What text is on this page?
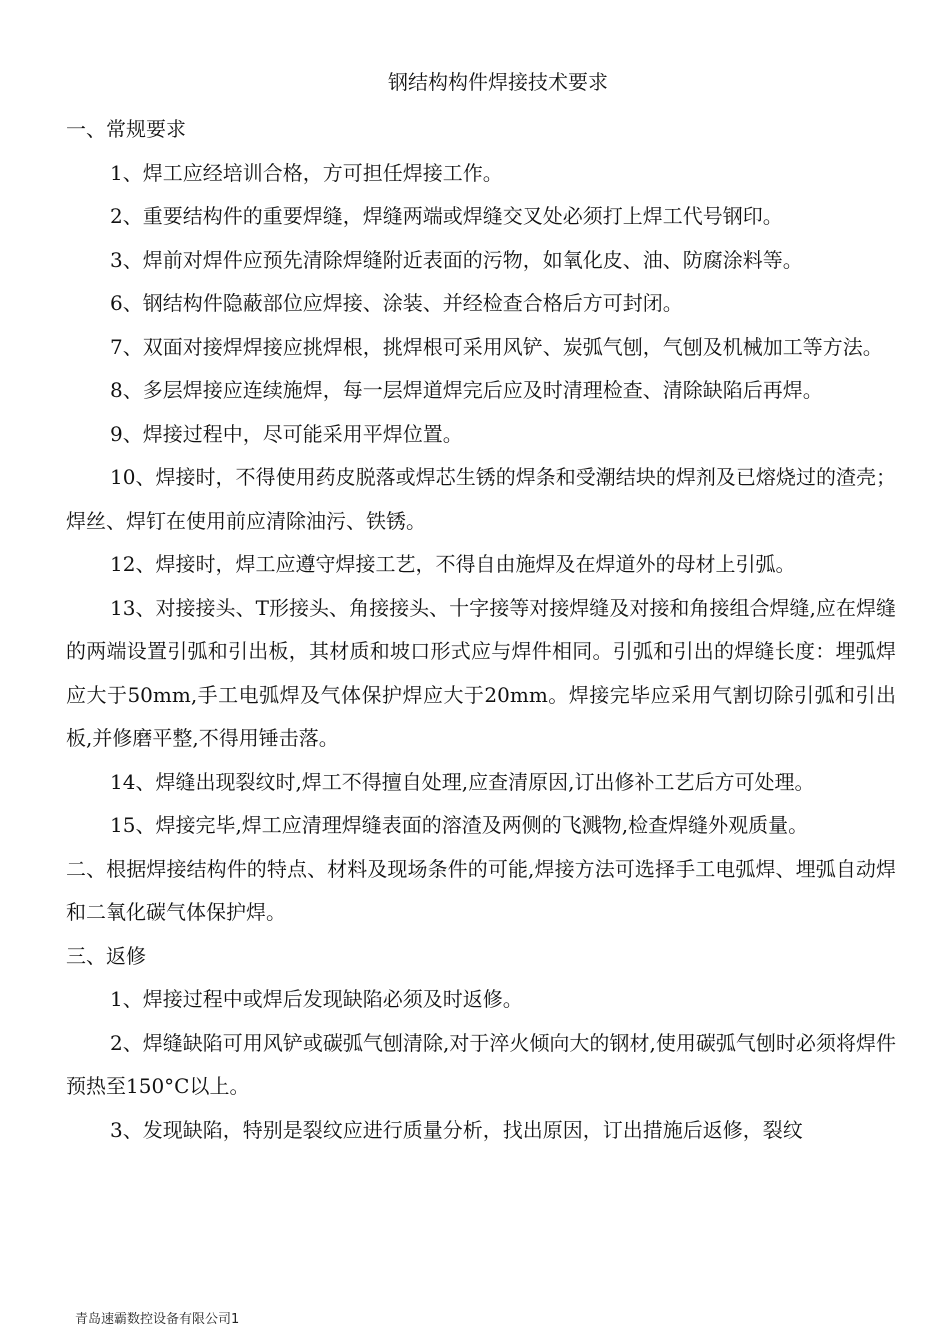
钢结构构件焊接技术要求

一、常规要求

1、焊工应经培训合格，方可担任焊接工作。

2、重要结构件的重要焊缝，焊缝两端或焊缝交叉处必须打上焊工代号钢印。

3、焊前对焊件应预先清除焊缝附近表面的污物，如氧化皮、油、防腐涂料等。

6、钢结构件隐蔽部位应焊接、涂装、并经检查合格后方可封闭。

7、双面对接焊焊接应挑焊根，挑焊根可采用风铲、炭弧气刨，气刨及机械加工等方法。

8、多层焊接应连续施焊，每一层焊道焊完后应及时清理检查、清除缺陷后再焊。

9、焊接过程中，尽可能采用平焊位置。

10、焊接时，不得使用药皮脱落或焊芯生锈的焊条和受潮结块的焊剂及已熔烧过的渣壳；焊丝、焊钉在使用前应清除油污、铁锈。

12、焊接时，焊工应遵守焊接工艺，不得自由施焊及在焊道外的母材上引弧。

13、对接接头、T形接头、角接接头、十字接等对接焊缝及对接和角接组合焊缝,应在焊缝的两端设置引弧和引出板，其材质和坡口形式应与焊件相同。引弧和引出的焊缝长度：埋弧焊应大于50mm,手工电弧焊及气体保护焊应大于20mm。焊接完毕应采用气割切除引弧和引出板,并修磨平整,不得用锤击落。

14、焊缝出现裂纹时,焊工不得擅自处理,应查清原因,订出修补工艺后方可处理。

15、焊接完毕,焊工应清理焊缝表面的溶渣及两侧的飞溅物,检查焊缝外观质量。

二、根据焊接结构件的特点、材料及现场条件的可能,焊接方法可选择手工电弧焊、埋弧自动焊和二氧化碳气体保护焊。

三、返修

1、焊接过程中或焊后发现缺陷必须及时返修。

2、焊缝缺陷可用风铲或碳弧气刨清除,对于淬火倾向大的钢材,使用碳弧气刨时必须将焊件预热至150°C以上。

3、发现缺陷，特别是裂纹应进行质量分析，找出原因，订出措施后返修，裂纹

青岛速霸数控设备有限公司1
